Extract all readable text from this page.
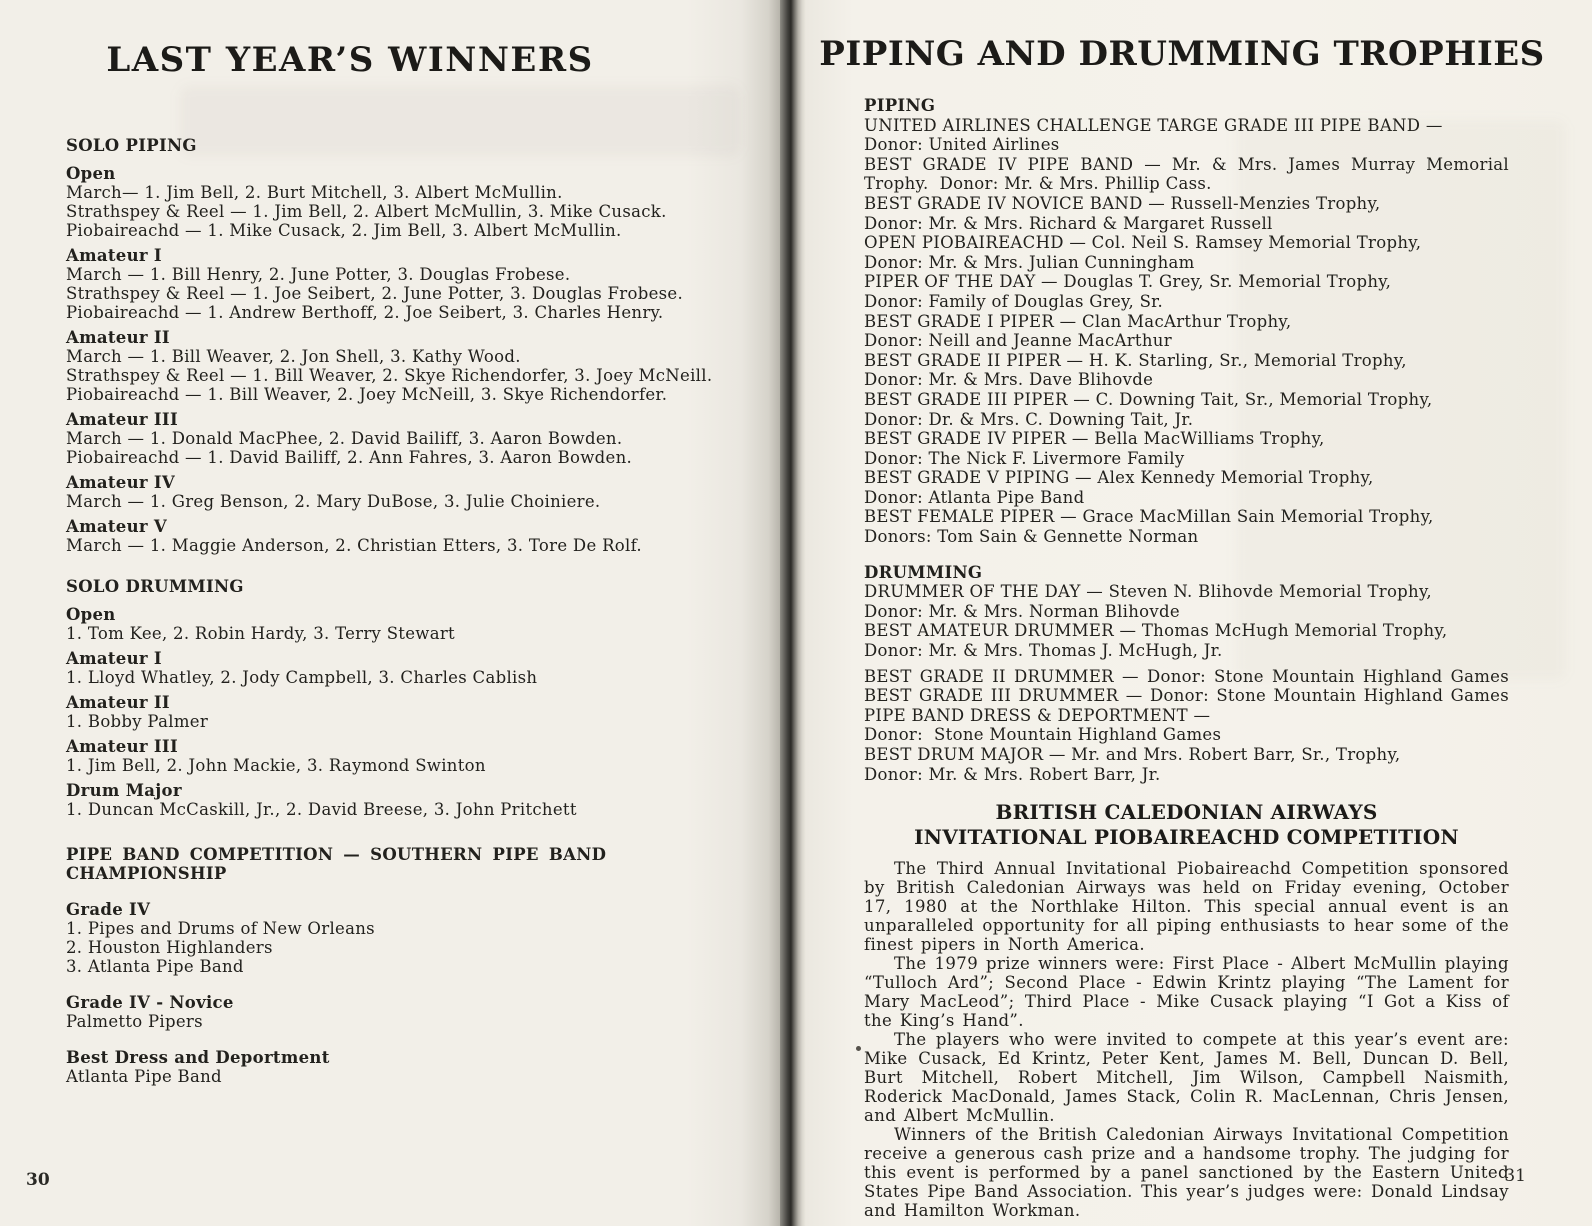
LAST YEAR’S WINNERS
SOLO PIPING
Open
March— 1. Jim Bell, 2. Burt Mitchell, 3. Albert McMullin.
Strathspey & Reel — 1. Jim Bell, 2. Albert McMullin, 3. Mike Cusack.
Piobaireachd — 1. Mike Cusack, 2. Jim Bell, 3. Albert McMullin.
Amateur I
March — 1. Bill Henry, 2. June Potter, 3. Douglas Frobese.
Strathspey & Reel — 1. Joe Seibert, 2. June Potter, 3. Douglas Frobese.
Piobaireachd — 1. Andrew Berthoff, 2. Joe Seibert, 3. Charles Henry.
Amateur II
March — 1. Bill Weaver, 2. Jon Shell, 3. Kathy Wood.
Strathspey & Reel — 1. Bill Weaver, 2. Skye Richendorfer, 3. Joey McNeill.
Piobaireachd — 1. Bill Weaver, 2. Joey McNeill, 3. Skye Richendorfer.
Amateur III
March — 1. Donald MacPhee, 2. David Bailiff, 3. Aaron Bowden.
Piobaireachd — 1. David Bailiff, 2. Ann Fahres, 3. Aaron Bowden.
Amateur IV
March — 1. Greg Benson, 2. Mary DuBose, 3. Julie Choiniere.
Amateur V
March — 1. Maggie Anderson, 2. Christian Etters, 3. Tore De Rolf.
SOLO DRUMMING
Open
1. Tom Kee, 2. Robin Hardy, 3. Terry Stewart
Amateur I
1. Lloyd Whatley, 2. Jody Campbell, 3. Charles Cablish
Amateur II
1. Bobby Palmer
Amateur III
1. Jim Bell, 2. John Mackie, 3. Raymond Swinton
Drum Major
1. Duncan McCaskill, Jr., 2. David Breese, 3. John Pritchett
PIPE BAND COMPETITION — SOUTHERN PIPE BAND CHAMPIONSHIP
Grade IV
1. Pipes and Drums of New Orleans
2. Houston Highlanders
3. Atlanta Pipe Band
Grade IV - Novice
Palmetto Pipers
Best Dress and Deportment
Atlanta Pipe Band
30
PIPING AND DRUMMING TROPHIES
PIPING
UNITED AIRLINES CHALLENGE TARGE GRADE III PIPE BAND —
Donor: United Airlines
BEST GRADE IV PIPE BAND — Mr. & Mrs. James Murray Memorial
Trophy.  Donor: Mr. & Mrs. Phillip Cass.
BEST GRADE IV NOVICE BAND — Russell-Menzies Trophy,
Donor: Mr. & Mrs. Richard & Margaret Russell
OPEN PIOBAIREACHD — Col. Neil S. Ramsey Memorial Trophy,
Donor: Mr. & Mrs. Julian Cunningham
PIPER OF THE DAY — Douglas T. Grey, Sr. Memorial Trophy,
Donor: Family of Douglas Grey, Sr.
BEST GRADE I PIPER — Clan MacArthur Trophy,
Donor: Neill and Jeanne MacArthur
BEST GRADE II PIPER — H. K. Starling, Sr., Memorial Trophy,
Donor: Mr. & Mrs. Dave Blihovde
BEST GRADE III PIPER — C. Downing Tait, Sr., Memorial Trophy,
Donor: Dr. & Mrs. C. Downing Tait, Jr.
BEST GRADE IV PIPER — Bella MacWilliams Trophy,
Donor: The Nick F. Livermore Family
BEST GRADE V PIPING — Alex Kennedy Memorial Trophy,
Donor: Atlanta Pipe Band
BEST FEMALE PIPER — Grace MacMillan Sain Memorial Trophy,
Donors: Tom Sain & Gennette Norman
DRUMMING
DRUMMER OF THE DAY — Steven N. Blihovde Memorial Trophy,
Donor: Mr. & Mrs. Norman Blihovde
BEST AMATEUR DRUMMER — Thomas McHugh Memorial Trophy,
Donor: Mr. & Mrs. Thomas J. McHugh, Jr.
BEST GRADE II DRUMMER — Donor: Stone Mountain Highland Games
BEST GRADE III DRUMMER — Donor: Stone Mountain Highland Games
PIPE BAND DRESS & DEPORTMENT —
Donor:  Stone Mountain Highland Games
BEST DRUM MAJOR — Mr. and Mrs. Robert Barr, Sr., Trophy,
Donor: Mr. & Mrs. Robert Barr, Jr.
BRITISH CALEDONIAN AIRWAYS
INVITATIONAL PIOBAIREACHD COMPETITION

The Third Annual Invitational Piobaireachd Competition sponsored by British Caledonian Airways was held on Friday evening, October 17, 1980 at the Northlake Hilton. This special annual event is an unparalleled opportunity for all piping enthusiasts to hear some of the finest pipers in North America.

The 1979 prize winners were: First Place - Albert McMullin playing “Tulloch Ard”; Second Place - Edwin Krintz playing “The Lament for Mary MacLeod”; Third Place - Mike Cusack playing “I Got a Kiss of the King’s Hand”.

The players who were invited to compete at this year’s event are: Mike Cusack, Ed Krintz, Peter Kent, James M. Bell, Duncan D. Bell, Burt Mitchell, Robert Mitchell, Jim Wilson, Campbell Naismith, Roderick MacDonald, James Stack, Colin R. MacLennan, Chris Jensen, and Albert McMullin.

Winners of the British Caledonian Airways Invitational Competition receive a generous cash prize and a handsome trophy. The judging for this event is performed by a panel sanctioned by the Eastern United States Pipe Band Association. This year’s judges were: Donald Lindsay and Hamilton Workman.

31
